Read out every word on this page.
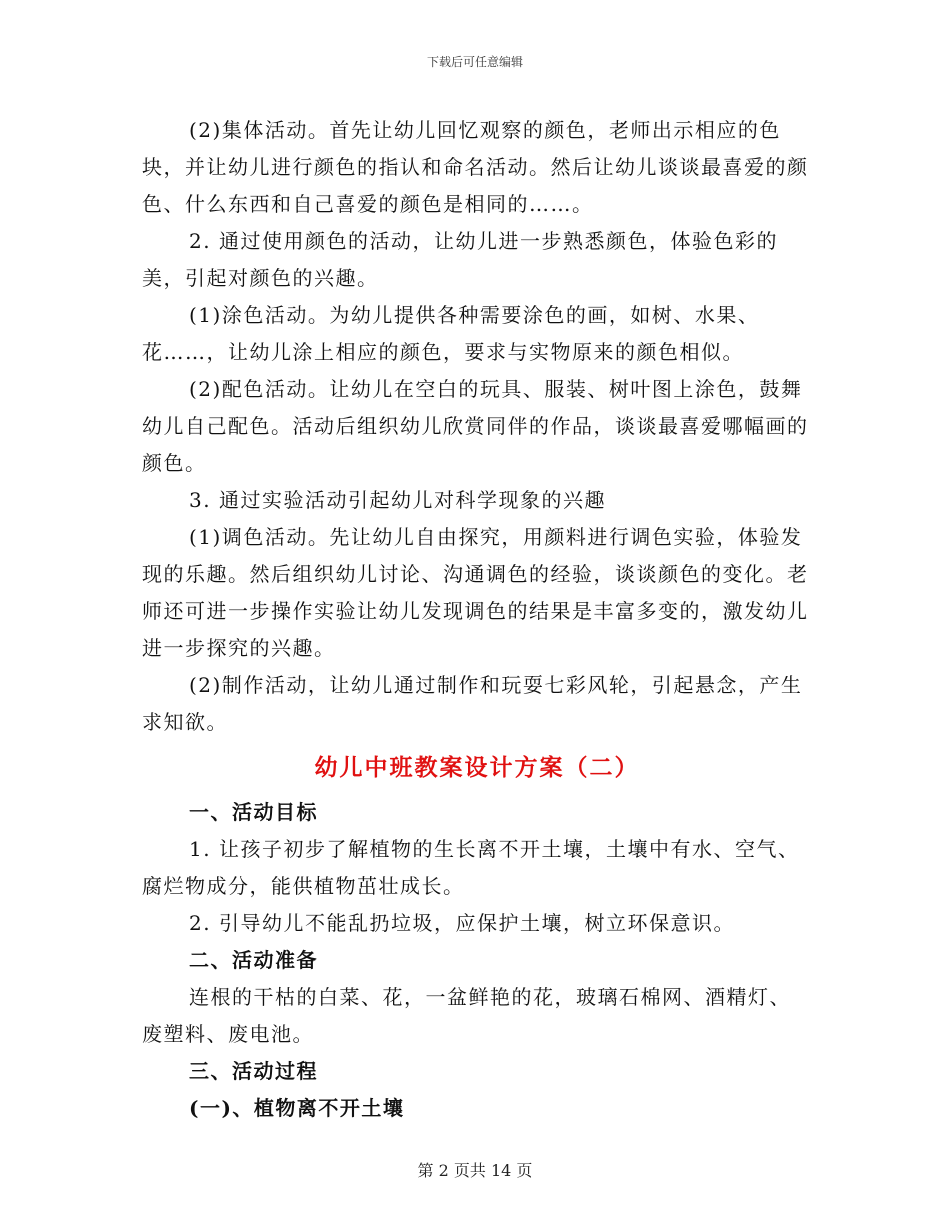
下载后可任意编辑

(2)集体活动。首先让幼儿回忆观察的颜色，老师出示相应的色块，并让幼儿进行颜色的指认和命名活动。然后让幼儿谈谈最喜爱的颜色、什么东西和自己喜爱的颜色是相同的……。

2. 通过使用颜色的活动，让幼儿进一步熟悉颜色，体验色彩的美，引起对颜色的兴趣。

(1)涂色活动。为幼儿提供各种需要涂色的画，如树、水果、花……，让幼儿涂上相应的颜色，要求与实物原来的颜色相似。

(2)配色活动。让幼儿在空白的玩具、服装、树叶图上涂色，鼓舞幼儿自己配色。活动后组织幼儿欣赏同伴的作品，谈谈最喜爱哪幅画的颜色。

3. 通过实验活动引起幼儿对科学现象的兴趣

(1)调色活动。先让幼儿自由探究，用颜料进行调色实验，体验发现的乐趣。然后组织幼儿讨论、沟通调色的经验，谈谈颜色的变化。老师还可进一步操作实验让幼儿发现调色的结果是丰富多变的，激发幼儿进一步探究的兴趣。

(2)制作活动，让幼儿通过制作和玩耍七彩风轮，引起悬念，产生求知欲。

幼儿中班教案设计方案（二）

一、活动目标

1. 让孩子初步了解植物的生长离不开土壤，土壤中有水、空气、腐烂物成分，能供植物茁壮成长。

2. 引导幼儿不能乱扔垃圾，应保护土壤，树立环保意识。

二、活动准备

连根的干枯的白菜、花，一盆鲜艳的花，玻璃石棉网、酒精灯、废塑料、废电池。

三、活动过程

(一)、植物离不开土壤

第 2 页共 14 页
